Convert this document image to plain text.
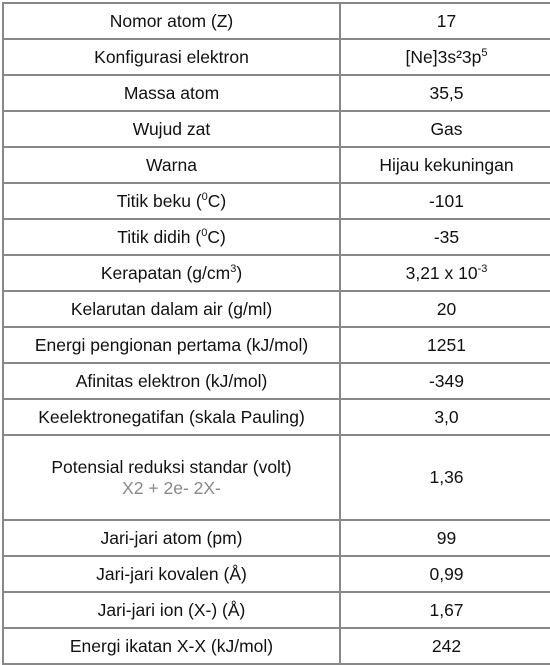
Nomor atom (Z)	17
Konfigurasi elektron	$[Ne]3s^23p^5$
Massa atom	35,5
Wujud zat	Gas
Warna	Hijau kekuningan
Titik beku ($^0$C)	-101
Titik didih ($^0$C)	-35
Kerapatan $(g/cm^3)$	3,21 x $10^{-3}$
Kelarutan dalam air (g/ml)	20
Energi pengionan pertama (kJ/mol)	1251
Afinitas elektron (kJ/mol)	-349
Keelektronegatifan (skala Pauling)	3,0
Potensial reduksi standar (volt)
X2 + 2e- 2X-	1,36
Jari-jari atom (pm)	99
Jari-jari kovalen (Å)	0,99
Jari-jari ion (X-) (Å)	1,67
Energi ikatan X-X (kJ/mol)	242
